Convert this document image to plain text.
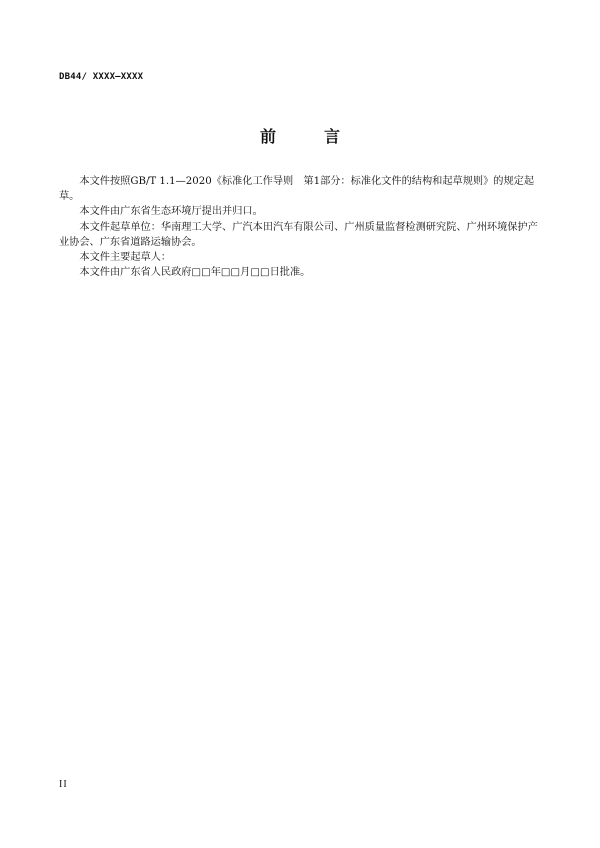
DB44/ XXXX—XXXX
前　言

本文件按照GB/T 1.1—2020《标准化工作导则　第1部分：标准化文件的结构和起草规则》的规定起草。

本文件由广东省生态环境厅提出并归口。

本文件起草单位：华南理工大学、广汽本田汽车有限公司、广州质量监督检测研究院、广州环境保护产业协会、广东省道路运输协会。

本文件主要起草人：

本文件由广东省人民政府□□年□□月□□日批准。

II
